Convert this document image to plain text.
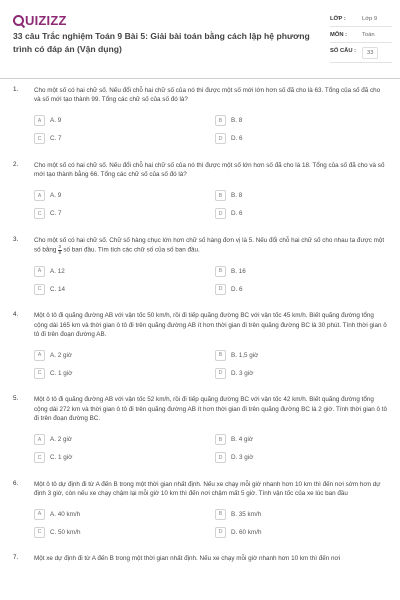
UIZIZZ
33 câu Trắc nghiệm Toán 9 Bài 5: Giải bài toán bằng cách lập hệ phương trình có đáp án (Vận dụng)
LỚP :	Lớp 9
MÔN :	Toán
SỐ CÂU :	33
1. Cho một số có hai chữ số. Nếu đổi chỗ hai chữ số của nó thì được một số mới lớn hơn số đã cho là 63. Tổng của số đã cho và số mới tạo thành 99. Tổng các chữ số của số đó là?
A	A. 9	B	B. 8
C	C. 7	D	D. 6
2. Cho một số có hai chữ số. Nếu đổi chỗ hai chữ số của nó thì được một số lớn hơn số đã cho là 18. Tổng của số đã cho và số mới tạo thành bằng 66. Tổng các chữ số của số đó là?
A	A. 9	B	B. 8
C	C. 7	D	D. 6
3. Cho một số có hai chữ số. Chữ số hàng chục lớn hơn chữ số hàng đơn vị là 5. Nếu đổi chỗ hai chữ số cho nhau ta được một số bằng $\frac{3}{8}$ số ban đầu. Tìm tích các chữ số của số ban đầu.
A	A. 12	B	B. 16
C	C. 14	D	D. 6
4. Một ô tô đi quãng đường AB với vận tốc 50 km/h, rồi đi tiếp quãng đường BC với vận tốc 45 km/h. Biết quãng đường tổng cộng dài 165 km và thời gian ô tô đi trên quãng đường AB ít hơn thời gian đi trên quãng đường BC là 30 phút. Tính thời gian ô tô đi trên đoạn đường AB.
A	A. 2 giờ	B	B. 1,5 giờ
C	C. 1 giờ	D	D. 3 giờ
5. Một ô tô đi quãng đường AB với vận tốc 52 km/h, rồi đi tiếp quãng đường BC với vận tốc 42 km/h. Biết quãng đường tổng cộng dài 272 km và thời gian ô tô đi trên quãng đường AB ít hơn thời gian đi trên quãng đường BC là 2 giờ. Tính thời gian ô tô đi trên đoạn đường BC.
A	A. 2 giờ	B	B. 4 giờ
C	C. 1 giờ	D	D. 3 giờ
6. Một ô tô dự định đi từ A đến B trong một thời gian nhất định. Nếu xe chạy mỗi giờ nhanh hơn 10 km thì đến nơi sớm hơn dự định 3 giờ, còn nếu xe chạy chậm lại mỗi giờ 10 km thì đến nơi chậm mất 5 giờ. Tính vận tốc của xe lúc ban đầu
A	A. 40 km/h	B	B. 35 km/h
C	C. 50 km/h	D	D. 60 km/h
7. Một xe dự định đi từ A đến B trong một thời gian nhất định. Nếu xe chạy mỗi giờ nhanh hơn 10 km thì đến nơi
